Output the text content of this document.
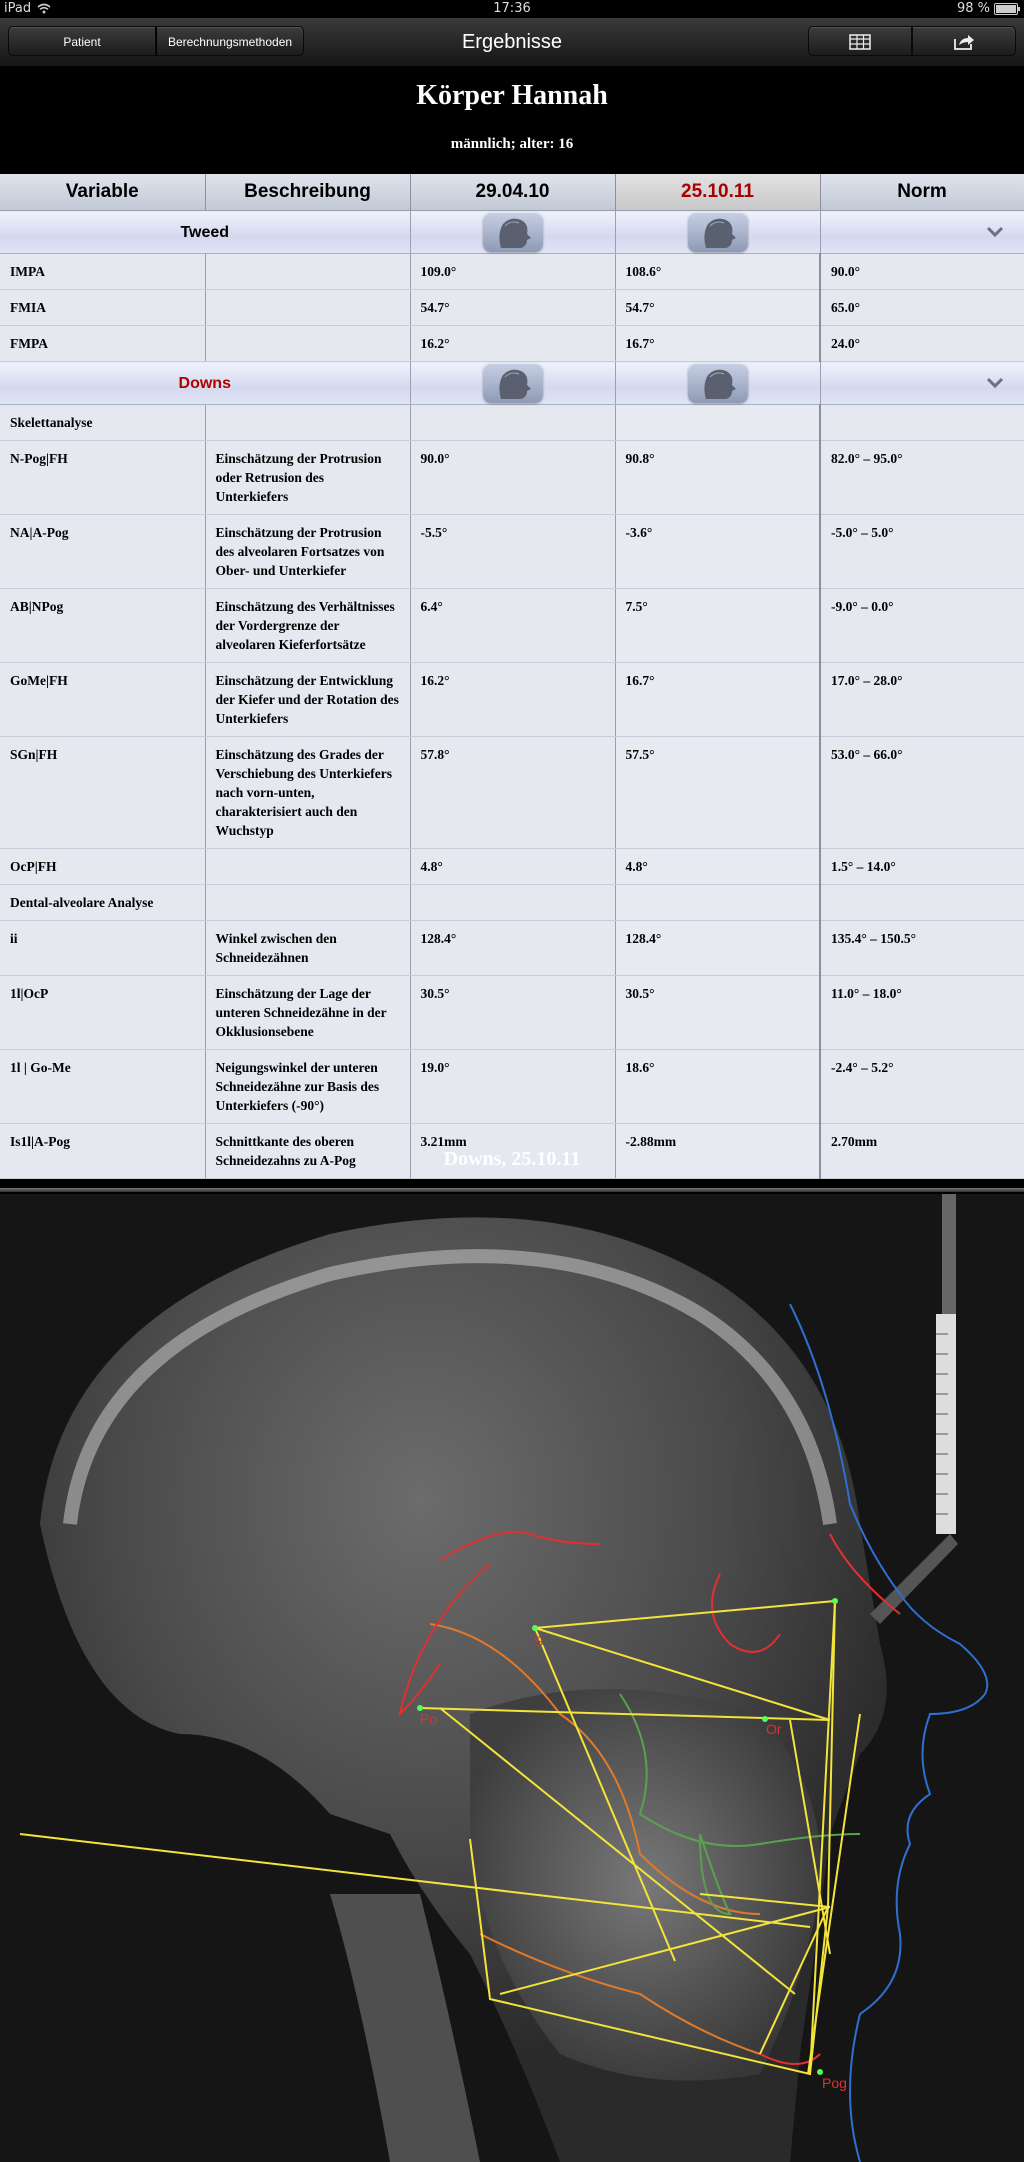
iPad	17:36	98 %
Patient	Berechnungsmethoden	Ergebnisse
Körper Hannah
männlich; alter: 16
Variable	Beschreibung	29.04.10	25.10.11	Norm
Tweed	

IMPA		109.0°	108.6°	90.0°
FMIA		54.7°	54.7°	65.0°
FMPA		16.2°	16.7°	24.0°
Downs	

Skelettanalyse				
N-Pog|FH	Einschätzung der Protrusion oder Retrusion des Unterkiefers	90.0°	90.8°	82.0° – 95.0°
NA|A-Pog	Einschätzung der Protrusion des alveolaren Fortsatzes von Ober- und Unterkiefer	-5.5°	-3.6°	-5.0° – 5.0°
AB|NPog	Einschätzung des Verhältnisses der Vordergrenze der alveolaren Kieferfortsätze	6.4°	7.5°	-9.0° – 0.0°
GoMe|FH	Einschätzung der Entwicklung der Kiefer und der Rotation des Unterkiefers	16.2°	16.7°	17.0° – 28.0°
SGn|FH	Einschätzung des Grades der Verschiebung des Unterkiefers nach vorn-unten, charakterisiert auch den Wuchstyp	57.8°	57.5°	53.0° – 66.0°
OcP|FH		4.8°	4.8°	1.5° – 14.0°
Dental-alveolare Analyse				
ii	Winkel zwischen den Schneidezähnen	128.4°	128.4°	135.4° – 150.5°
1l|OcP	Einschätzung der Lage der unteren Schneidezähne in der Okklusionsebene	30.5°	30.5°	11.0° – 18.0°
1l | Go-Me	Neigungswinkel der unteren Schneidezähne zur Basis des Unterkiefers (-90°)	19.0°	18.6°	-2.4° – 5.2°
Is1l|A-Pog	Schnittkante des oberen Schneidezahns zu A-Pog	3.21mm	-2.88mm	2.70mm
Downs, 25.10.11
S
Po
Or
Pog
